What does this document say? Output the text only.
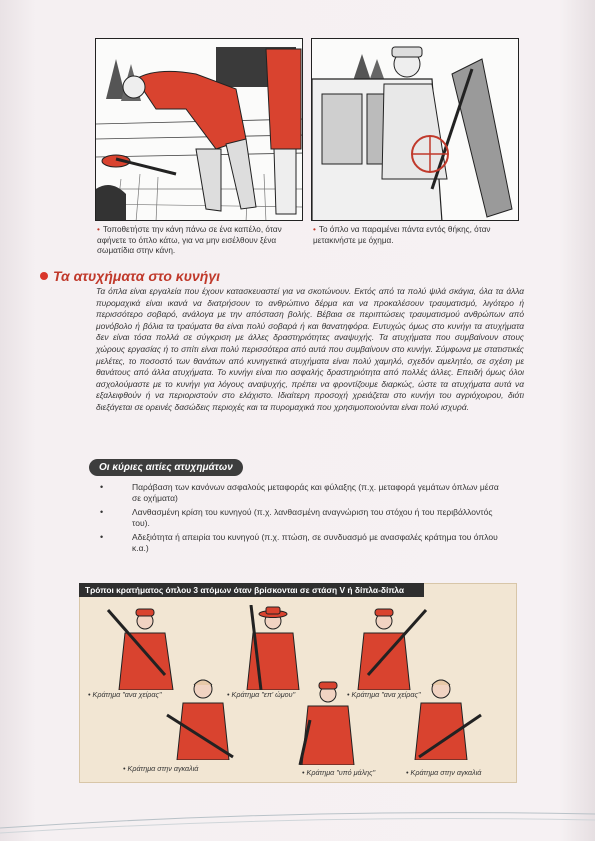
• Τοποθετήστε την κάνη πάνω σε ένα καπέλο, όταν αφήνετε το όπλο κάτω, για να μην εισέλθουν ξένα σωματίδια στην κάνη.
• Το όπλο να παραμένει πάντα εντός θήκης, όταν μετακινήστε με όχημα.
Τα ατυχήματα στο κυνήγι

Τα όπλα είναι εργαλεία που έχουν κατασκευαστεί για να σκοτώνουν. Εκτός από τα πολύ ψιλά σκάγια, όλα τα άλλα πυρομαχικά είναι ικανά να διατρήσουν το ανθρώπινο δέρμα και να προκαλέσουν τραυματισμό, λιγότερο ή περισσότερο σοβαρό, ανάλογα με την απόσταση βολής. Βέβαια σε περιπτώσεις τραυματισμού ανθρώπων από μονόβολο ή βόλια τα τραύματα θα είναι πολύ σοβαρά ή και θανατηφόρα. Ευτυχώς όμως στο κυνήγι τα ατυχήματα δεν είναι τόσα πολλά σε σύγκριση με άλλες δραστηριότητες αναψυχής. Τα ατυχήματα που συμβαίνουν στους χώρους εργασίας ή το σπίτι είναι πολύ περισσότερα από αυτά που συμβαίνουν στο κυνήγι. Σύμφωνα με στατιστικές μελέτες, το ποσοστό των θανάτων από κυνηγετικά ατυχήματα είναι πολύ χαμηλό, σχεδόν αμελητέο, σε σχέση με θανάτους από άλλα ατυχήματα. Το κυνήγι είναι πιο ασφαλής δραστηριότητα από πολλές άλλες. Επειδή όμως όλοι ασχολούμαστε με το κυνήγι για λόγους αναψυχής, πρέπει να φροντίζουμε διαρκώς, ώστε τα ατυχήματα αυτά να εξαλειφθούν ή να περιοριστούν στο ελάχιστο. Ιδιαίτερη προσοχή χρειάζεται στο κυνήγι του αγριόχοιρου, διότι διεξάγεται σε ορεινές δασώδεις περιοχές και τα πυρομαχικά που χρησιμοποιούνται είναι πολύ ισχυρά.

Οι κύριες αιτίες ατυχημάτων
• Παράβαση των κανόνων ασφαλούς μεταφοράς και φύλαξης (π.χ. μεταφορά γεμάτων όπλων μέσα σε οχήματα)
• Λανθασμένη κρίση του κυνηγού (π.χ. λανθασμένη αναγνώριση του στόχου ή του περιβάλλοντός του).
• Αδεξιότητα ή απειρία του κυνηγού (π.χ. πτώση, σε συνδυασμό με ανασφαλές κράτημα του όπλου κ.α.)
Τρόποι κρατήματος όπλου 3 ατόμων όταν βρίσκονται σε στάση V ή δίπλα-δίπλα
• Κράτημα "ανα χείρας"	• Κράτημα "επ' ώμου"	• Κράτημα "ανα χείρας"
• Κράτημα στην αγκαλιά	• Κράτημα "υπό μάλης"	• Κράτημα στην αγκαλιά
